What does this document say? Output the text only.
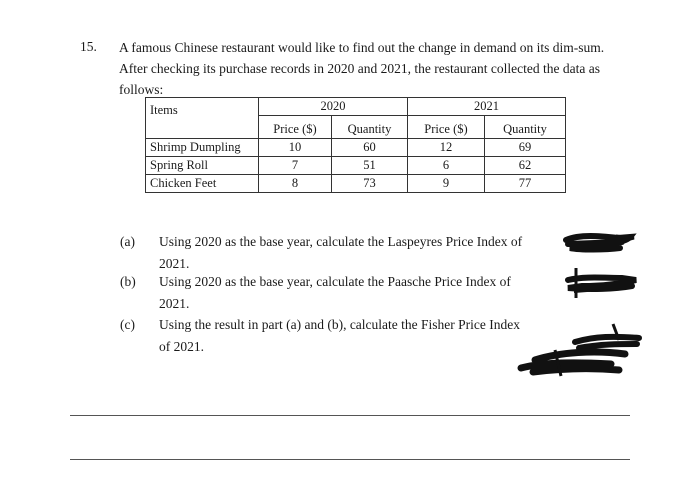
15. A famous Chinese restaurant would like to find out the change in demand on its dim-sum.

After checking its purchase records in 2020 and 2021, the restaurant collected the data as

follows:

Items	2020		2021	
	Price ($)	Quantity	Price ($)	Quantity
Shrimp Dumpling	10	60	12	69
Spring Roll	7	51	6	62
Chicken Feet	8	73	9	77
(a)	Using 2020 as the base year, calculate the Laspeyres Price Index of
2021.
(b)	Using 2020 as the base year, calculate the Paasche Price Index of
2021.
(c)	Using the result in part (a) and (b), calculate the Fisher Price Index
of 2021.
